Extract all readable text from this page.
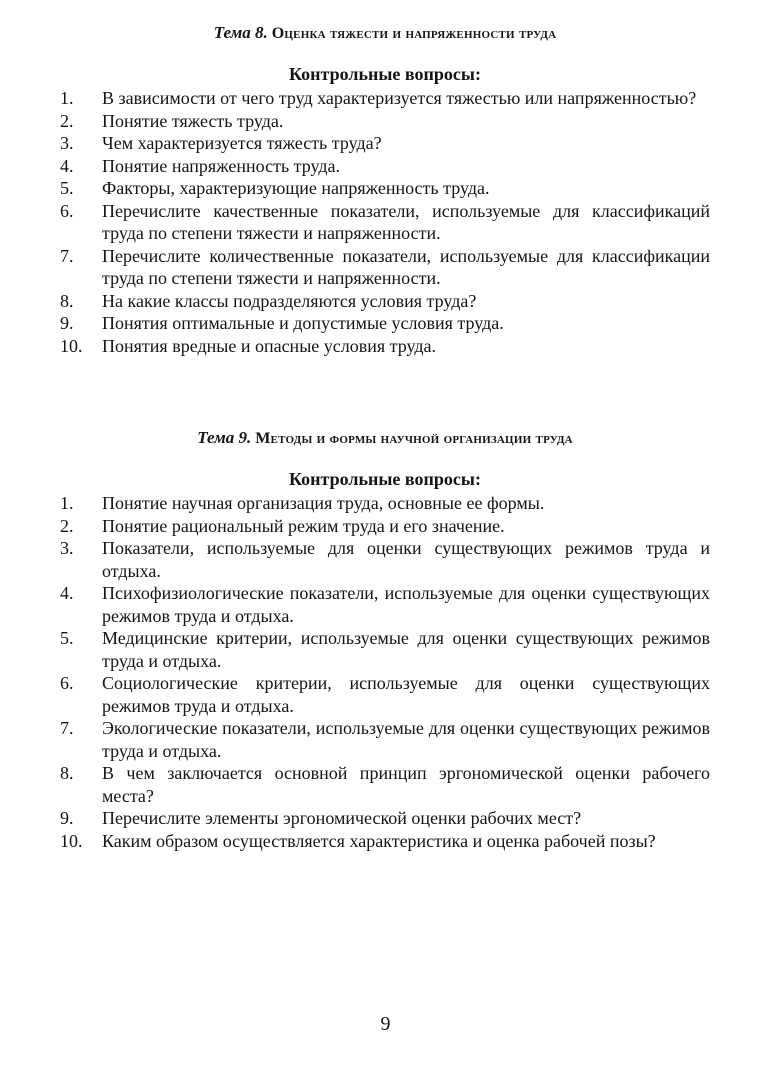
Тема 8. Оценка тяжести и напряженности труда
Контрольные вопросы:
1.	В зависимости от чего труд характеризуется тяжестью или напряженностью?
2.	Понятие тяжесть труда.
3.	Чем характеризуется тяжесть труда?
4.	Понятие напряженность труда.
5.	Факторы, характеризующие напряженность труда.
6.	Перечислите качественные показатели, используемые для классификаций труда по степени тяжести и напряженности.
7.	Перечислите количественные показатели, используемые для классификации труда по степени тяжести и напряженности.
8.	На какие классы подразделяются условия труда?
9.	Понятия оптимальные и допустимые условия труда.
10.	Понятия вредные и опасные условия труда.
Тема 9. Методы и формы научной организации труда
Контрольные вопросы:
1.	Понятие научная организация труда, основные ее формы.
2.	Понятие рациональный режим труда и его значение.
3.	Показатели, используемые для оценки существующих режимов труда и отдыха.
4.	Психофизиологические показатели, используемые для оценки существующих режимов труда и отдыха.
5.	Медицинские критерии, используемые для оценки существующих режимов труда и отдыха.
6.	Социологические критерии, используемые для оценки существующих режимов труда и отдыха.
7.	Экологические показатели, используемые для оценки существующих режимов труда и отдыха.
8.	В чем заключается основной принцип эргономической оценки рабочего места?
9.	Перечислите элементы эргономической оценки рабочих мест?
10.	Каким образом осуществляется характеристика и оценка рабочей позы?
9
